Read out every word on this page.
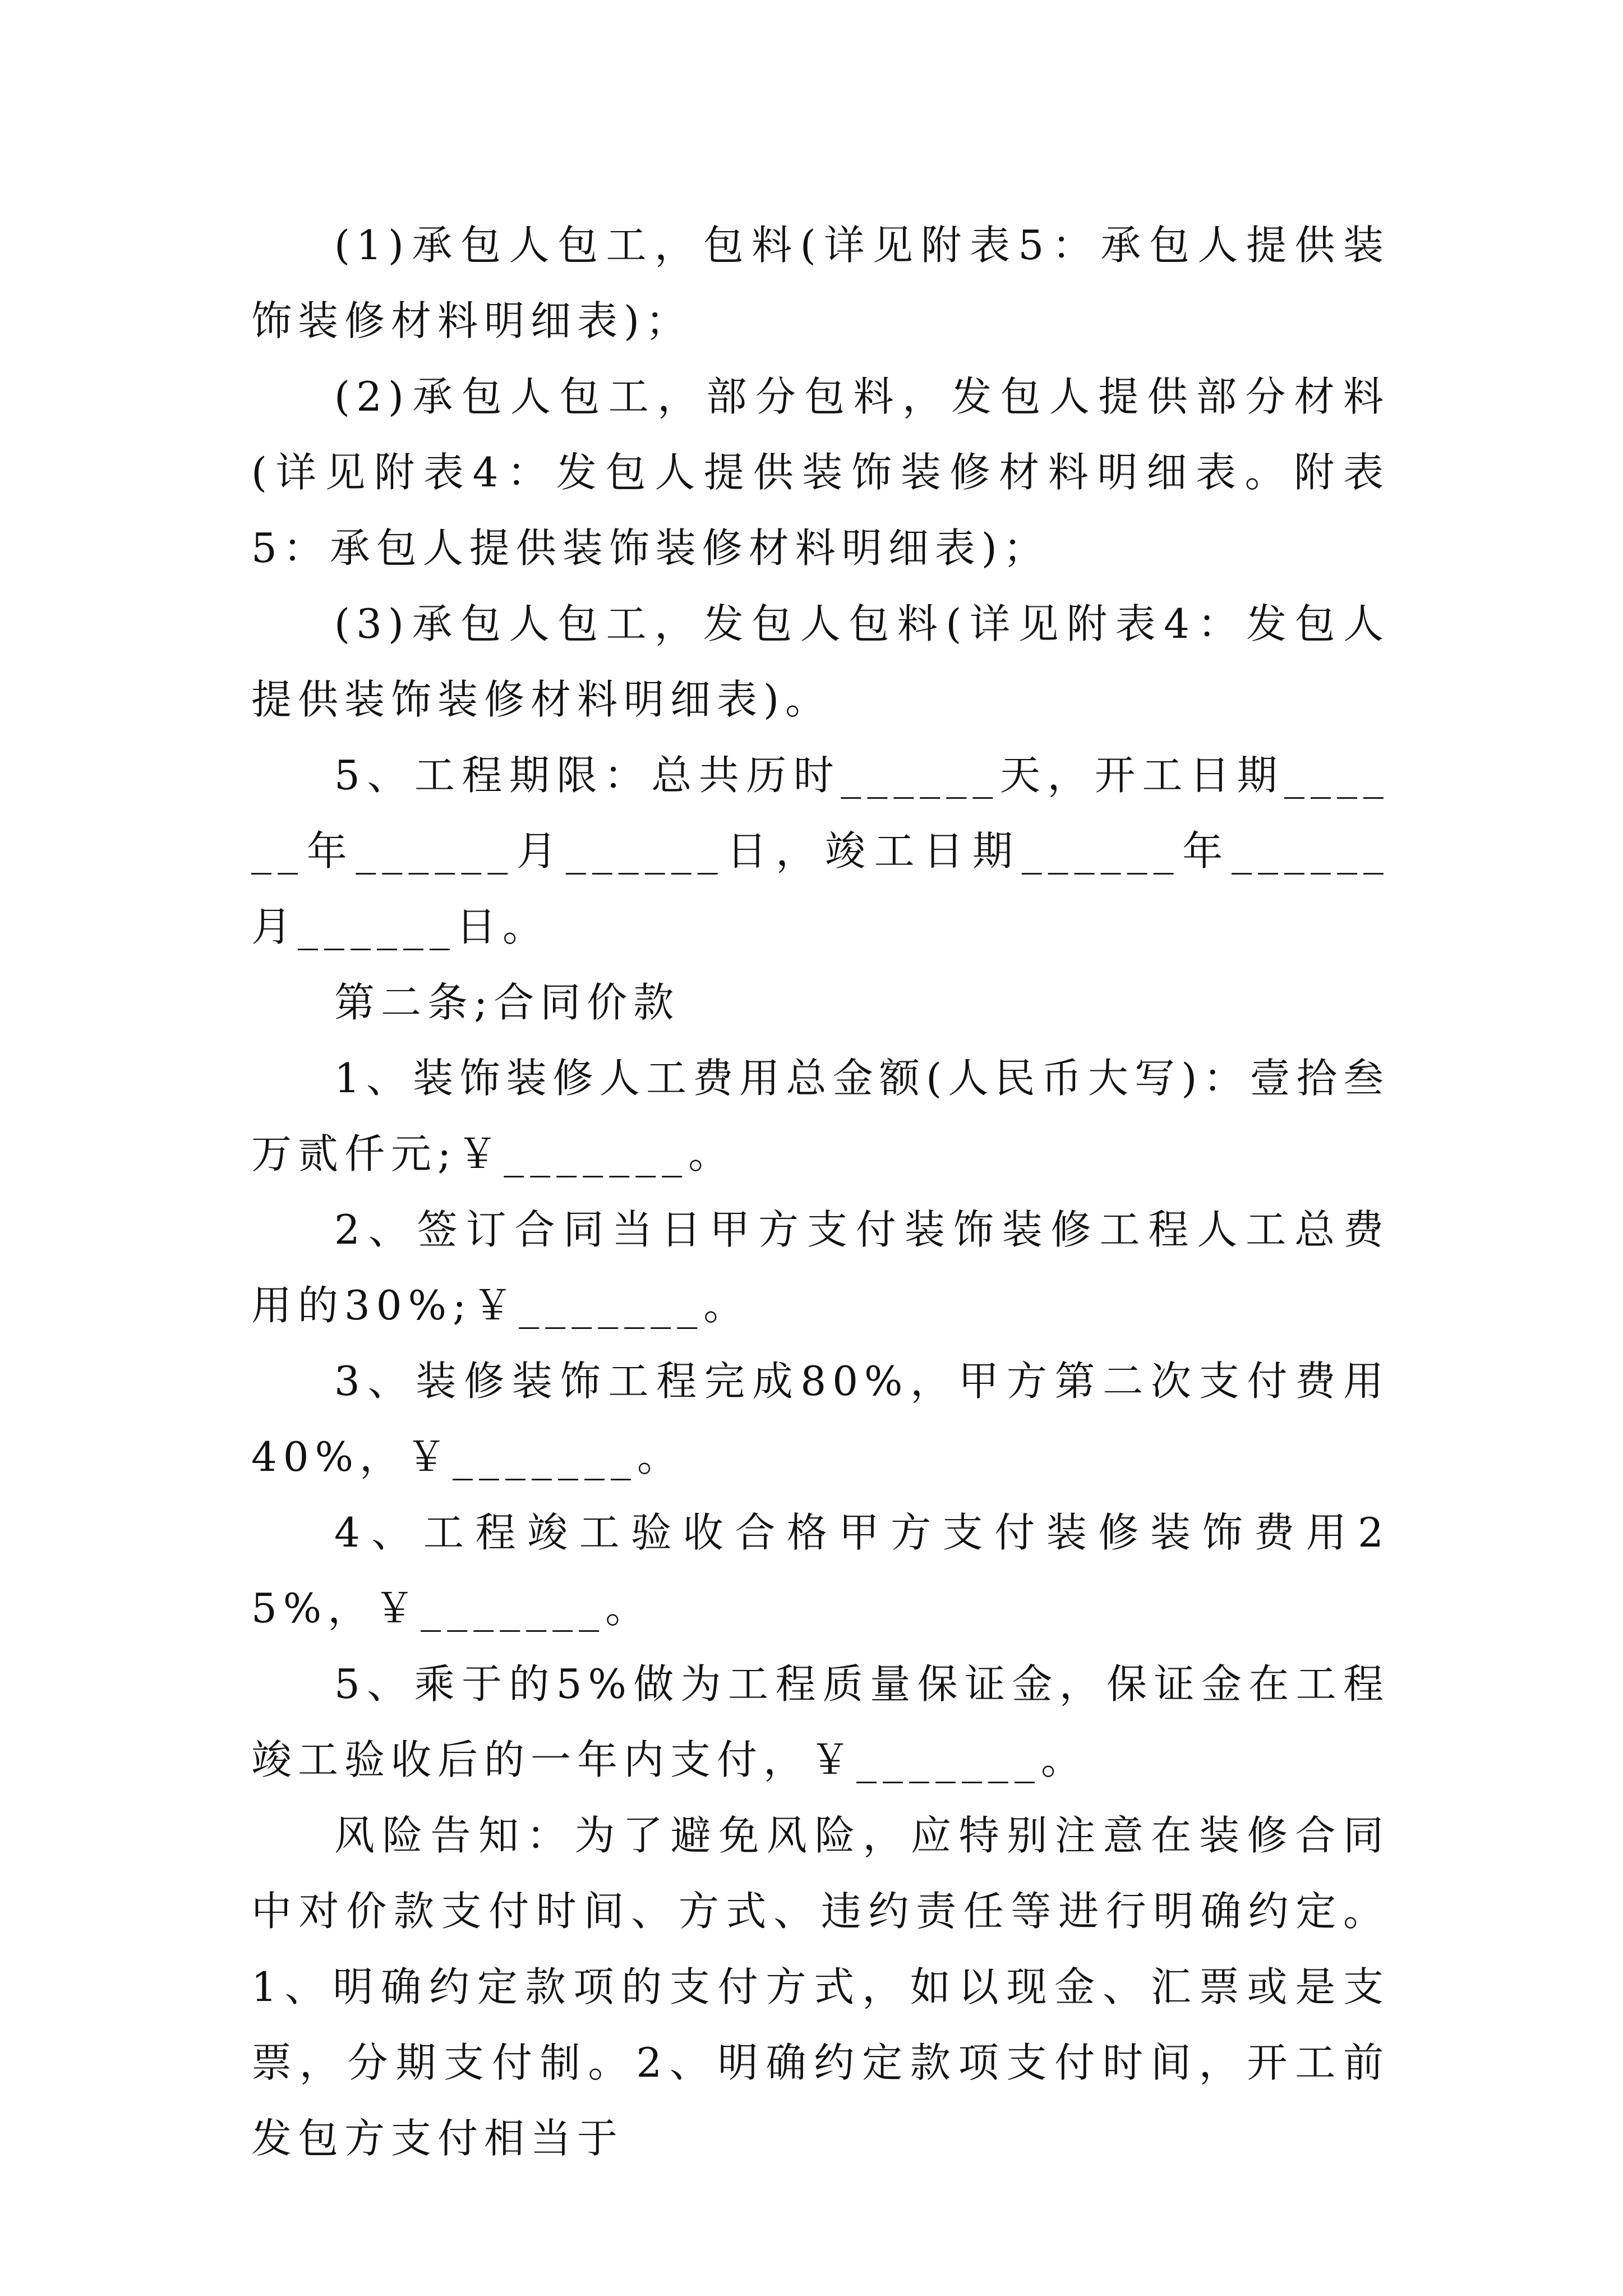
(1)承包人包工，包料(详见附表5：承包人提供装饰装修材料明细表)；

(2)承包人包工，部分包料，发包人提供部分材料(详见附表4：发包人提供装饰装修材料明细表。附表5：承包人提供装饰装修材料明细表)；

(3)承包人包工，发包人包料(详见附表4：发包人提供装饰装修材料明细表)。

5、工程期限：总共历时______天，开工日期______年______月______日，竣工日期______年______月______日。

第二条;合同价款

1、装饰装修人工费用总金额(人民币大写)：壹拾叁万贰仟元;￥_______。

2、签订合同当日甲方支付装饰装修工程人工总费用的30%;￥_______。

3、装修装饰工程完成80%，甲方第二次支付费用40%，￥_______。

4、工程竣工验收合格甲方支付装修装饰费用25%，￥_______。

5、乘于的5%做为工程质量保证金，保证金在工程竣工验收后的一年内支付，￥_______。

风险告知：为了避免风险，应特别注意在装修合同中对价款支付时间、方式、违约责任等进行明确约定。1、明确约定款项的支付方式，如以现金、汇票或是支票，分期支付制。2、明确约定款项支付时间，开工前发包方支付相当于
